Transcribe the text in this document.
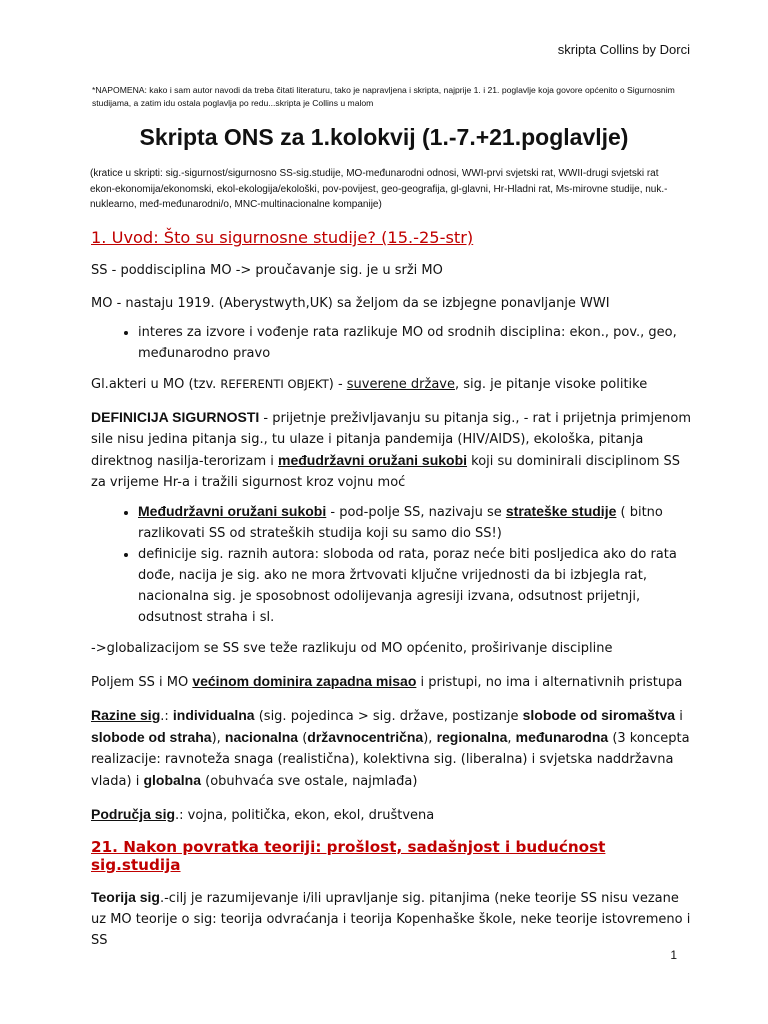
skripta Collins by Dorci
*NAPOMENA: kako i sam autor navodi da treba čitati literaturu, tako je napravljena i skripta, najprije 1. i 21. poglavlje koja govore općenito o Sigurnosnim studijama, a zatim idu ostala poglavlja po redu...skripta je Collins u malom
Skripta ONS za 1.kolokvij (1.-7.+21.poglavlje)
(kratice u skripti: sig.-sigurnost/sigurnosno SS-sig.studije, MO-međunarodni odnosi, WWI-prvi svjetski rat, WWII-drugi svjetski rat ekon-ekonomija/ekonomski, ekol-ekologija/ekološki, pov-povijest, geo-geografija, gl-glavni, Hr-Hladni rat, Ms-mirovne studije, nuk.-nuklearno, međ-međunarodni/o, MNC-multinacionalne kompanije)
1. Uvod: Što su sigurnosne studije? (15.-25-str)

SS - poddisciplina MO -> proučavanje sig. je u srži MO

MO - nastaju 1919. (Aberystwyth,UK) sa željom da se izbjegne ponavljanje WWI

• interes za izvore i vođenje rata razlikuje MO od srodnih disciplina: ekon., pov., geo, međunarodno pravo

Gl.akteri u MO (tzv. REFERENTI OBJEKT) - suverene države, sig. je pitanje visoke politike

DEFINICIJA SIGURNOSTI - prijetnje preživljavanju su pitanja sig., - rat i prijetnja primjenom sile nisu jedina pitanja sig., tu ulaze i pitanja pandemija (HIV/AIDS), ekološka, pitanja direktnog nasilja-terorizam i međudržavni oružani sukobi koji su dominirali disciplinom SS za vrijeme Hr-a i tražili sigurnost kroz vojnu moć

• Međudržavni oružani sukobi - pod-polje SS, nazivaju se strateške studije ( bitno razlikovati SS od strateških studija koji su samo dio SS!)
• definicije sig. raznih autora: sloboda od rata, poraz neće biti posljedica ako do rata dođe, nacija je sig. ako ne mora žrtvovati ključne vrijednosti da bi izbjegla rat, nacionalna sig. je sposobnost odolijevanja agresiji izvana, odsutnost prijetnji, odsutnost straha i sl.

->globalizacijom se SS sve teže razlikuju od MO općenito, proširivanje discipline

Poljem SS i MO većinom dominira zapadna misao i pristupi, no ima i alternativnih pristupa

Razine sig.: individualna (sig. pojedinca > sig. države, postizanje slobode od siromaštva i slobode od straha), nacionalna (državnocentrična), regionalna, međunarodna (3 koncepta realizacije: ravnoteža snaga (realistična), kolektivna sig. (liberalna) i svjetska naddržavna vlada) i globalna (obuhvaća sve ostale, najmlađa)

Područja sig.: vojna, politička, ekon, ekol, društvena

21. Nakon povratka teoriji: prošlost, sadašnjost i budućnost sig.studija

Teorija sig.-cilj je razumijevanje i/ili upravljanje sig. pitanjima (neke teorije SS nisu vezane uz MO teorije o sig: teorija odvraćanja i teorija Kopenhaške škole, neke teorije istovremeno i SS

1
